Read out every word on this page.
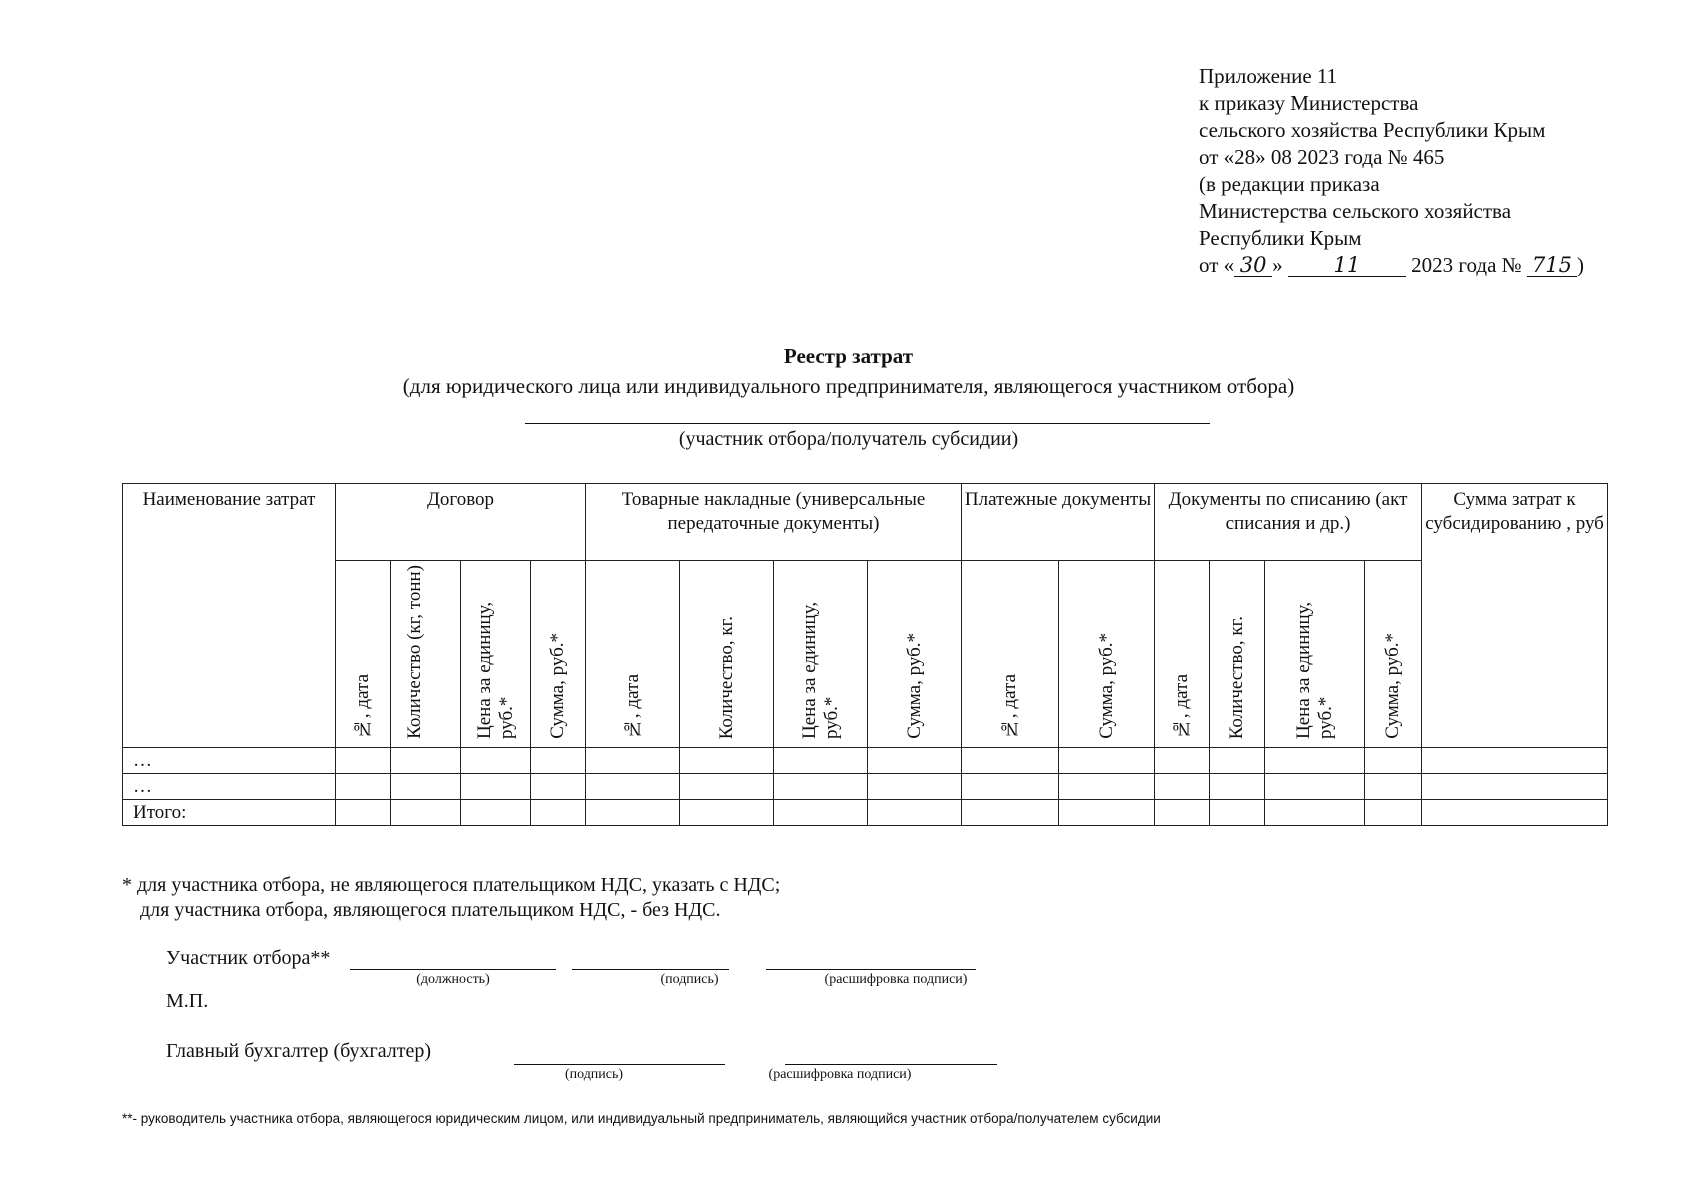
Приложение 11
к приказу Министерства
сельского хозяйства Республики Крым
от «28» 08 2023 года № 465
(в редакции приказа
Министерства сельского хозяйства
Республики Крым
от « 30 » 11 2023 года № 715 )
Реестр затрат
(для юридического лица или индивидуального предпринимателя, являющегося участником отбора)
(участник отбора/получатель субсидии)
Наименование затрат	Договор				Товарные накладные (универсальные передаточные документы)				Платежные документы		Документы по списанию (акт списания и др.)				Сумма затрат к субсидированию , руб

	№, дата	Количество (кг, тонн)	Цена за единицу, руб.*	Сумма, руб.*	№, дата	Количество, кг.	Цена за единицу, руб.*	Сумма, руб.*	№, дата	Сумма, руб.*	№, дата	Количество, кг.	Цена за единицу, руб.*	Сумма, руб.*	

…															
…															
Итого:															
* для участника отбора, не являющегося плательщиком НДС, указать с НДС;
для участника отбора, являющегося плательщиком НДС, - без НДС.
Участник отбора**
(должность)	(подпись)	(расшифровка подписи)
М.П.
Главный бухгалтер (бухгалтер)
(подпись)	(расшифровка подписи)
**- руководитель участника отбора, являющегося юридическим лицом, или индивидуальный предприниматель, являющийся участник отбора/получателем субсидии
